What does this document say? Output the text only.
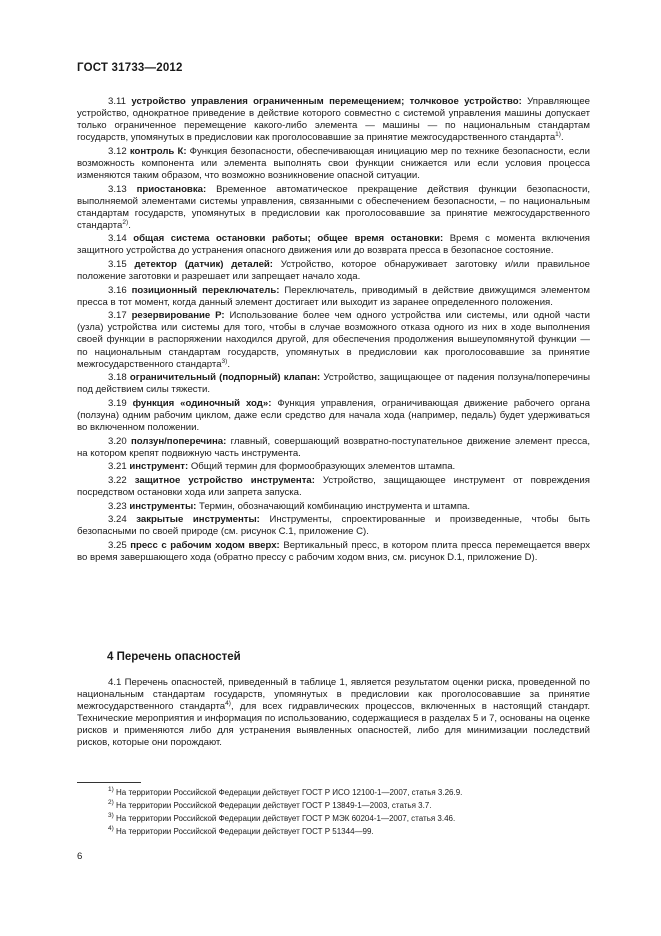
ГОСТ 31733—2012

3.11 устройство управления ограниченным перемещением; толчковое устройство: Управляющее устройство, однократное приведение в действие которого совместно с системой управления машины допускает только ограниченное перемещение какого-либо элемента — машины — по национальным стандартам государств, упомянутых в предисловии как проголосовавшие за принятие межгосударственного стандарта$^{1)}$.

3.12 контроль К: Функция безопасности, обеспечивающая инициацию мер по технике безопасности, если возможность компонента или элемента выполнять свои функции снижается или если условия процесса изменяются таким образом, что возможно возникновение опасной ситуации.

3.13 приостановка: Временное автоматическое прекращение действия функции безопасности, выполняемой элементами системы управления, связанными с обеспечением безопасности, – по национальным стандартам государств, упомянутых в предисловии как проголосовавшие за принятие межгосударственного стандарта$^{2)}$.

3.14 общая система остановки работы; общее время остановки: Время с момента включения защитного устройства до устранения опасного движения или до возврата пресса в безопасное состояние.

3.15 детектор (датчик) деталей: Устройство, которое обнаруживает заготовку и/или правильное положение заготовки и разрешает или запрещает начало хода.

3.16 позиционный переключатель: Переключатель, приводимый в действие движущимся элементом пресса в тот момент, когда данный элемент достигает или выходит из заранее определенного положения.

3.17 резервирование Р: Использование более чем одного устройства или системы, или одной части (узла) устройства или системы для того, чтобы в случае возможного отказа одного из них в ходе выполнения своей функции в распоряжении находился другой, для обеспечения продолжения вышеупомянутой функции — по национальным стандартам государств, упомянутых в предисловии как проголосовавшие за принятие межгосударственного стандарта$^{3)}$.

3.18 ограничительный (подпорный) клапан: Устройство, защищающее от падения ползуна/поперечины под действием силы тяжести.

3.19 функция «одиночный ход»: Функция управления, ограничивающая движение рабочего органа (ползуна) одним рабочим циклом, даже если средство для начала хода (например, педаль) будет удерживаться во включенном положении.

3.20 ползун/поперечина: главный, совершающий возвратно-поступательное движение элемент пресса, на котором крепят подвижную часть инструмента.

3.21 инструмент: Общий термин для формообразующих элементов штампа.

3.22 защитное устройство инструмента: Устройство, защищающее инструмент от повреждения посредством остановки хода или запрета запуска.

3.23 инструменты: Термин, обозначающий комбинацию инструмента и штампа.

3.24 закрытые инструменты: Инструменты, спроектированные и произведенные, чтобы быть безопасными по своей природе (см. рисунок С.1, приложение С).

3.25 пресс с рабочим ходом вверх: Вертикальный пресс, в котором плита пресса перемещается вверх во время завершающего хода (обратно прессу с рабочим ходом вниз, см. рисунок D.1, приложение D).

4 Перечень опасностей

4.1 Перечень опасностей, приведенный в таблице 1, является результатом оценки риска, проведенной по национальным стандартам государств, упомянутых в предисловии как проголосовавшие за принятие межгосударственного стандарта$^{4)}$, для всех гидравлических процессов, включенных в настоящий стандарт. Технические мероприятия и информация по использованию, содержащиеся в разделах 5 и 7, основаны на оценке рисков и применяются либо для устранения выявленных опасностей, либо для минимизации последствий рисков, которые они порождают.

$^{1)}$ На территории Российской Федерации действует ГОСТ Р ИСО 12100-1—2007, статья 3.26.9.
$^{2)}$ На территории Российской Федерации действует ГОСТ Р 13849-1—2003, статья 3.7.
$^{3)}$ На территории Российской Федерации действует ГОСТ Р МЭК 60204-1—2007, статья 3.46.
$^{4)}$ На территории Российской Федерации действует ГОСТ Р 51344—99.
6
